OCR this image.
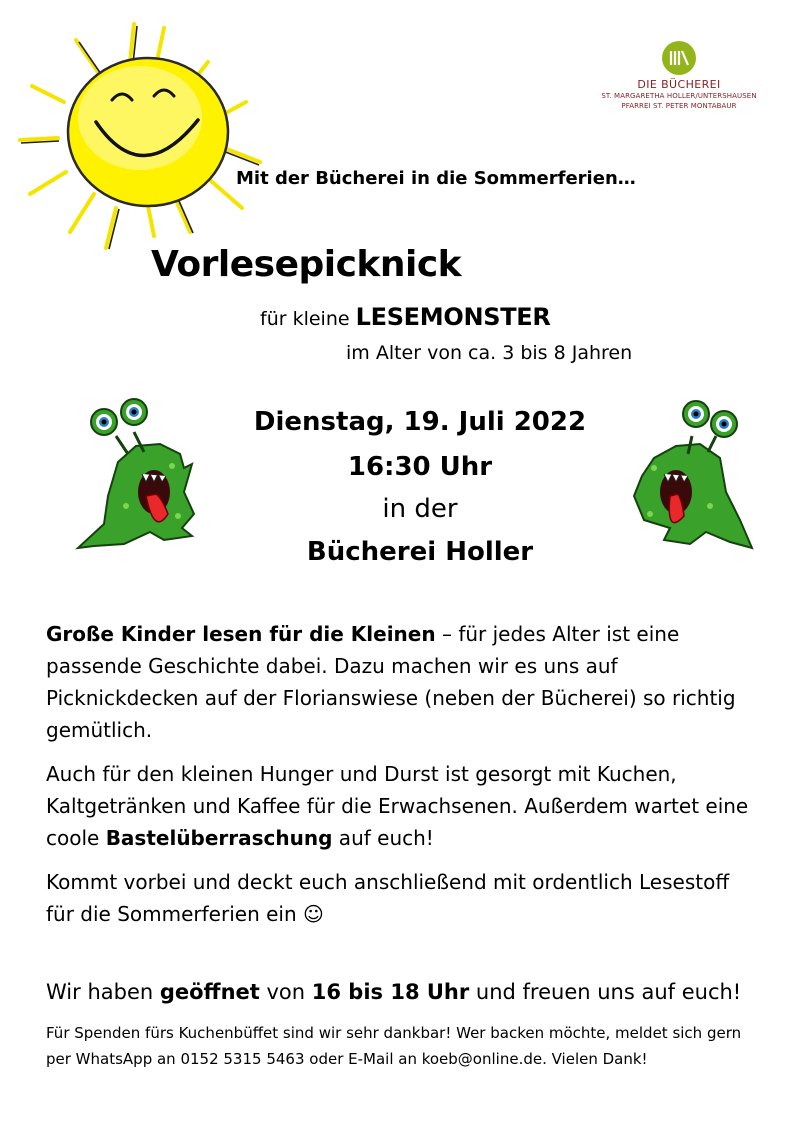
DIE BÜCHEREI
ST. MARGARETHA HOLLER/UNTERSHAUSEN
PFARREI ST. PETER MONTABAUR
Mit der Bücherei in die Sommerferien…
Vorlesepicknick
für kleine LESEMONSTER
im Alter von ca. 3 bis 8 Jahren
Dienstag, 19. Juli 2022
16:30 Uhr
in der
Bücherei Holler
Große Kinder lesen für die Kleinen – für jedes Alter ist eine passende Geschichte dabei. Dazu machen wir es uns auf Picknickdecken auf der Florianswiese (neben der Bücherei) so richtig gemütlich.
Auch für den kleinen Hunger und Durst ist gesorgt mit Kuchen, Kaltgetränken und Kaffee für die Erwachsenen. Außerdem wartet eine coole Bastelüberraschung auf euch!
Kommt vorbei und deckt euch anschließend mit ordentlich Lesestoff für die Sommerferien ein ☺
Wir haben geöffnet von 16 bis 18 Uhr und freuen uns auf euch!
Für Spenden fürs Kuchenbüffet sind wir sehr dankbar! Wer backen möchte, meldet sich gern per WhatsApp an 0152 5315 5463 oder E-Mail an koeb@online.de. Vielen Dank!
